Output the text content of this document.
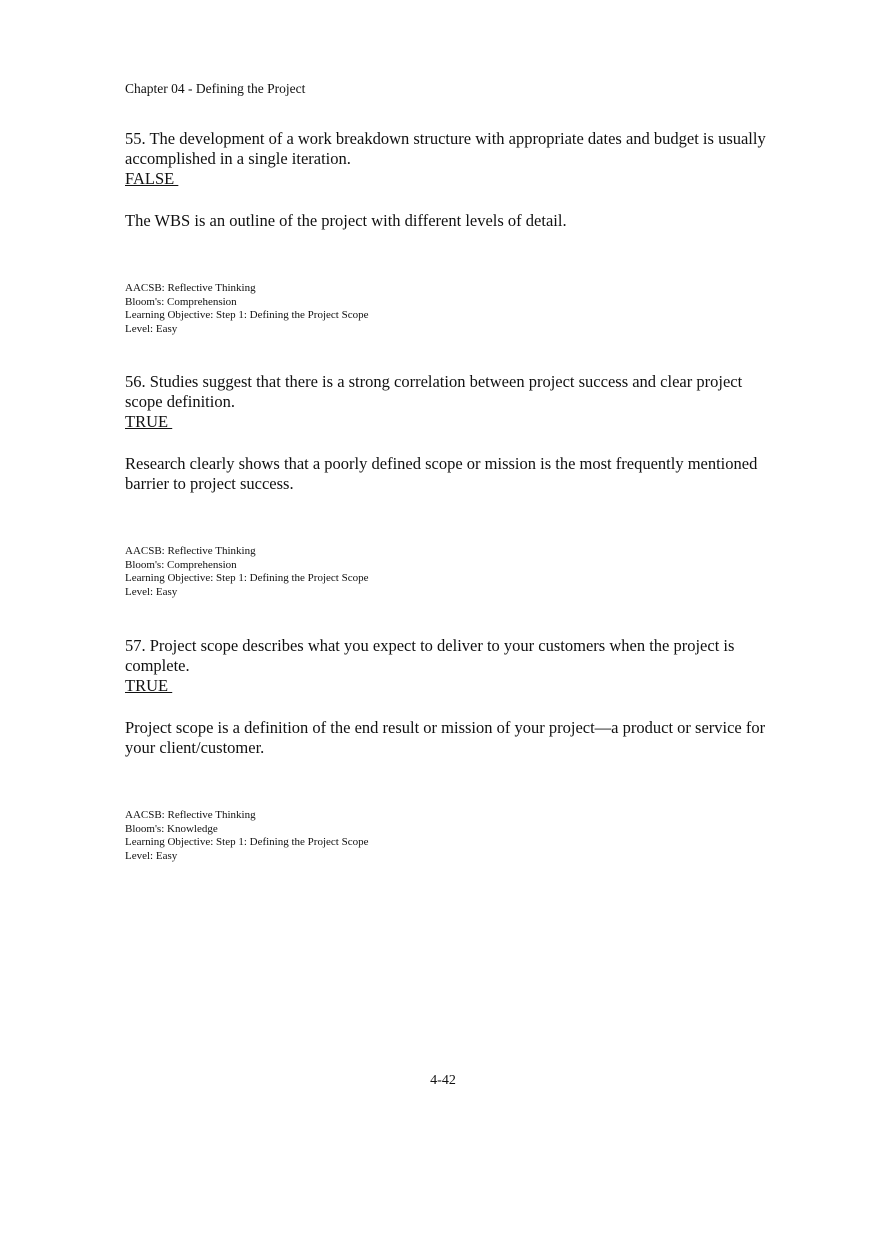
Chapter 04 - Defining the Project
55. The development of a work breakdown structure with appropriate dates and budget is usually accomplished in a single iteration.
FALSE
The WBS is an outline of the project with different levels of detail.
AACSB: Reflective Thinking
Bloom's: Comprehension
Learning Objective: Step 1: Defining the Project Scope
Level: Easy
56. Studies suggest that there is a strong correlation between project success and clear project scope definition.
TRUE
Research clearly shows that a poorly defined scope or mission is the most frequently mentioned barrier to project success.
AACSB: Reflective Thinking
Bloom's: Comprehension
Learning Objective: Step 1: Defining the Project Scope
Level: Easy
57. Project scope describes what you expect to deliver to your customers when the project is complete.
TRUE
Project scope is a definition of the end result or mission of your project—a product or service for your client/customer.
AACSB: Reflective Thinking
Bloom's: Knowledge
Learning Objective: Step 1: Defining the Project Scope
Level: Easy
4-42
